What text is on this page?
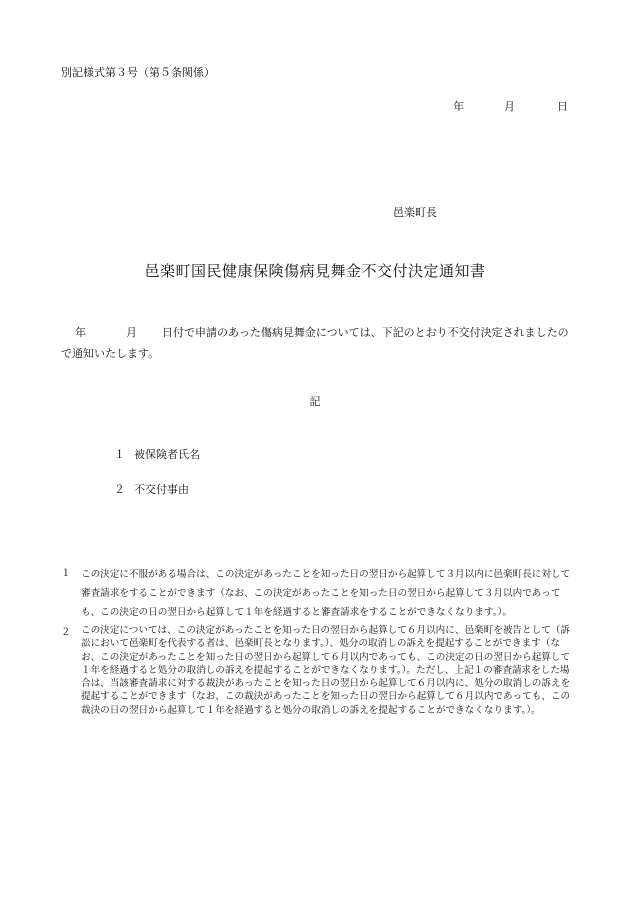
別記様式第３号（第５条関係）
年	月	日
邑楽町長
邑楽町国民健康保険傷病見舞金不交付決定通知書
年	月 日付で申請のあった傷病見舞金については、下記のとおり不交付決定されましたので通知いたします。
記
１ 被保険者氏名
２ 不交付事由
１	この決定に不服がある場合は、この決定があったことを知った日の翌日から起算して３月以内に邑楽町長に対して審査請求をすることができます（なお、この決定があったことを知った日の翌日から起算して３月以内であっても、この決定の日の翌日から起算して１年を経過すると審査請求をすることができなくなります。）。
２	この決定については、この決定があったことを知った日の翌日から起算して６月以内に、邑楽町を被告として（訴訟において邑楽町を代表する者は、邑楽町長となります。）、処分の取消しの訴えを提起することができます（なお、この決定があったことを知った日の翌日から起算して６月以内であっても、この決定の日の翌日から起算して１年を経過すると処分の取消しの訴えを提起することができなくなります。）。ただし、上記１の審査請求をした場合は、当該審査請求に対する裁決があったことを知った日の翌日から起算して６月以内に、処分の取消しの訴えを提起することができます（なお、この裁決があったことを知った日の翌日から起算して６月以内であっても、この裁決の日の翌日から起算して１年を経過すると処分の取消しの訴えを提起することができなくなります。）。
